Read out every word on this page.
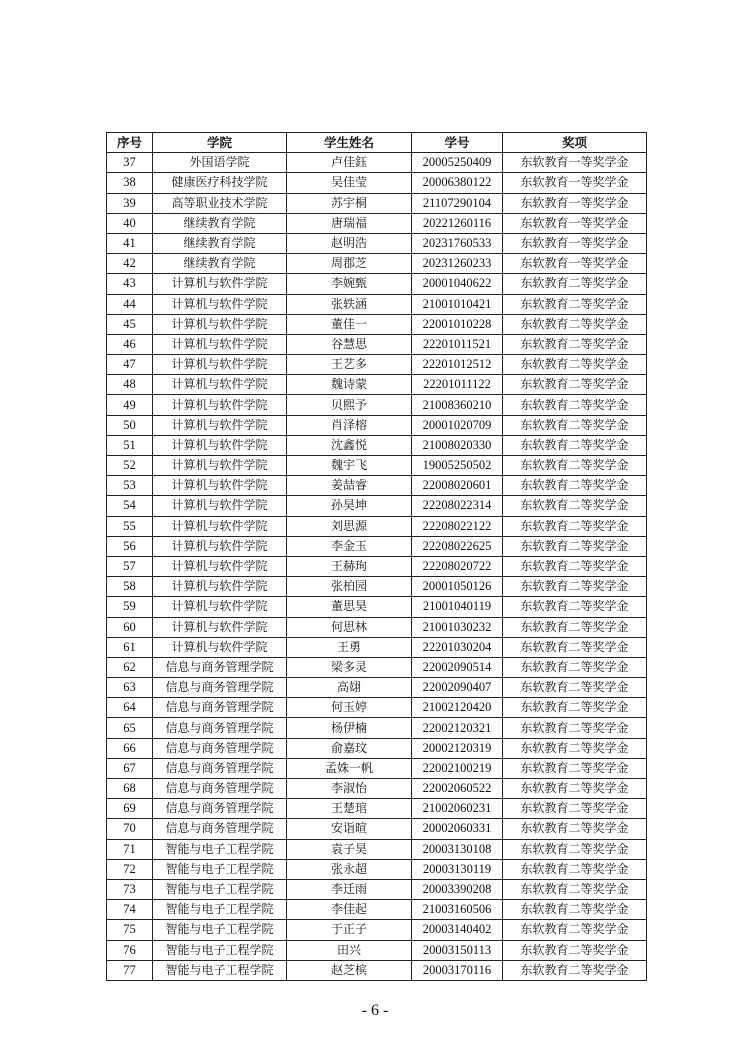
序号	学院	学生姓名	学号	奖项
37	外国语学院	卢佳鈺	20005250409	东软教育一等奖学金
38	健康医疗科技学院	吴佳莹	20006380122	东软教育一等奖学金
39	高等职业技术学院	苏宇桐	21107290104	东软教育一等奖学金
40	继续教育学院	唐瑞福	20221260116	东软教育一等奖学金
41	继续教育学院	赵明浩	20231760533	东软教育一等奖学金
42	继续教育学院	周郡芝	20231260233	东软教育一等奖学金
43	计算机与软件学院	李婉甄	20001040622	东软教育二等奖学金
44	计算机与软件学院	张轶涵	21001010421	东软教育二等奖学金
45	计算机与软件学院	董佳一	22001010228	东软教育二等奖学金
46	计算机与软件学院	谷慧思	22201011521	东软教育二等奖学金
47	计算机与软件学院	王艺多	22201012512	东软教育二等奖学金
48	计算机与软件学院	魏诗蒙	22201011122	东软教育二等奖学金
49	计算机与软件学院	贝熙予	21008360210	东软教育二等奖学金
50	计算机与软件学院	肖泽榕	20001020709	东软教育二等奖学金
51	计算机与软件学院	沈鑫悦	21008020330	东软教育二等奖学金
52	计算机与软件学院	魏宇飞	19005250502	东软教育二等奖学金
53	计算机与软件学院	姜喆睿	22008020601	东软教育二等奖学金
54	计算机与软件学院	孙昊坤	22208022314	东软教育二等奖学金
55	计算机与软件学院	刘思源	22208022122	东软教育二等奖学金
56	计算机与软件学院	李金玉	22208022625	东软教育二等奖学金
57	计算机与软件学院	王赫珣	22208020722	东软教育二等奖学金
58	计算机与软件学院	张柏园	20001050126	东软教育二等奖学金
59	计算机与软件学院	董思昊	21001040119	东软教育二等奖学金
60	计算机与软件学院	何思林	21001030232	东软教育二等奖学金
61	计算机与软件学院	王勇	22201030204	东软教育二等奖学金
62	信息与商务管理学院	梁多灵	22002090514	东软教育二等奖学金
63	信息与商务管理学院	高翃	22002090407	东软教育二等奖学金
64	信息与商务管理学院	何玉婷	21002120420	东软教育二等奖学金
65	信息与商务管理学院	杨伊楠	22002120321	东软教育二等奖学金
66	信息与商务管理学院	俞嘉玟	20002120319	东软教育二等奖学金
67	信息与商务管理学院	孟姝一帆	22002100219	东软教育二等奖学金
68	信息与商务管理学院	李淑怡	22002060522	东软教育二等奖学金
69	信息与商务管理学院	王楚琯	21002060231	东软教育二等奖学金
70	信息与商务管理学院	安诣暄	20002060331	东软教育二等奖学金
71	智能与电子工程学院	袁子昊	20003130108	东软教育二等奖学金
72	智能与电子工程学院	张永超	20003130119	东软教育二等奖学金
73	智能与电子工程学院	李迁雨	20003390208	东软教育二等奖学金
74	智能与电子工程学院	李佳起	21003160506	东软教育二等奖学金
75	智能与电子工程学院	于正子	20003140402	东软教育二等奖学金
76	智能与电子工程学院	田兴	20003150113	东软教育二等奖学金
77	智能与电子工程学院	赵芝槟	20003170116	东软教育二等奖学金
- 6 -
